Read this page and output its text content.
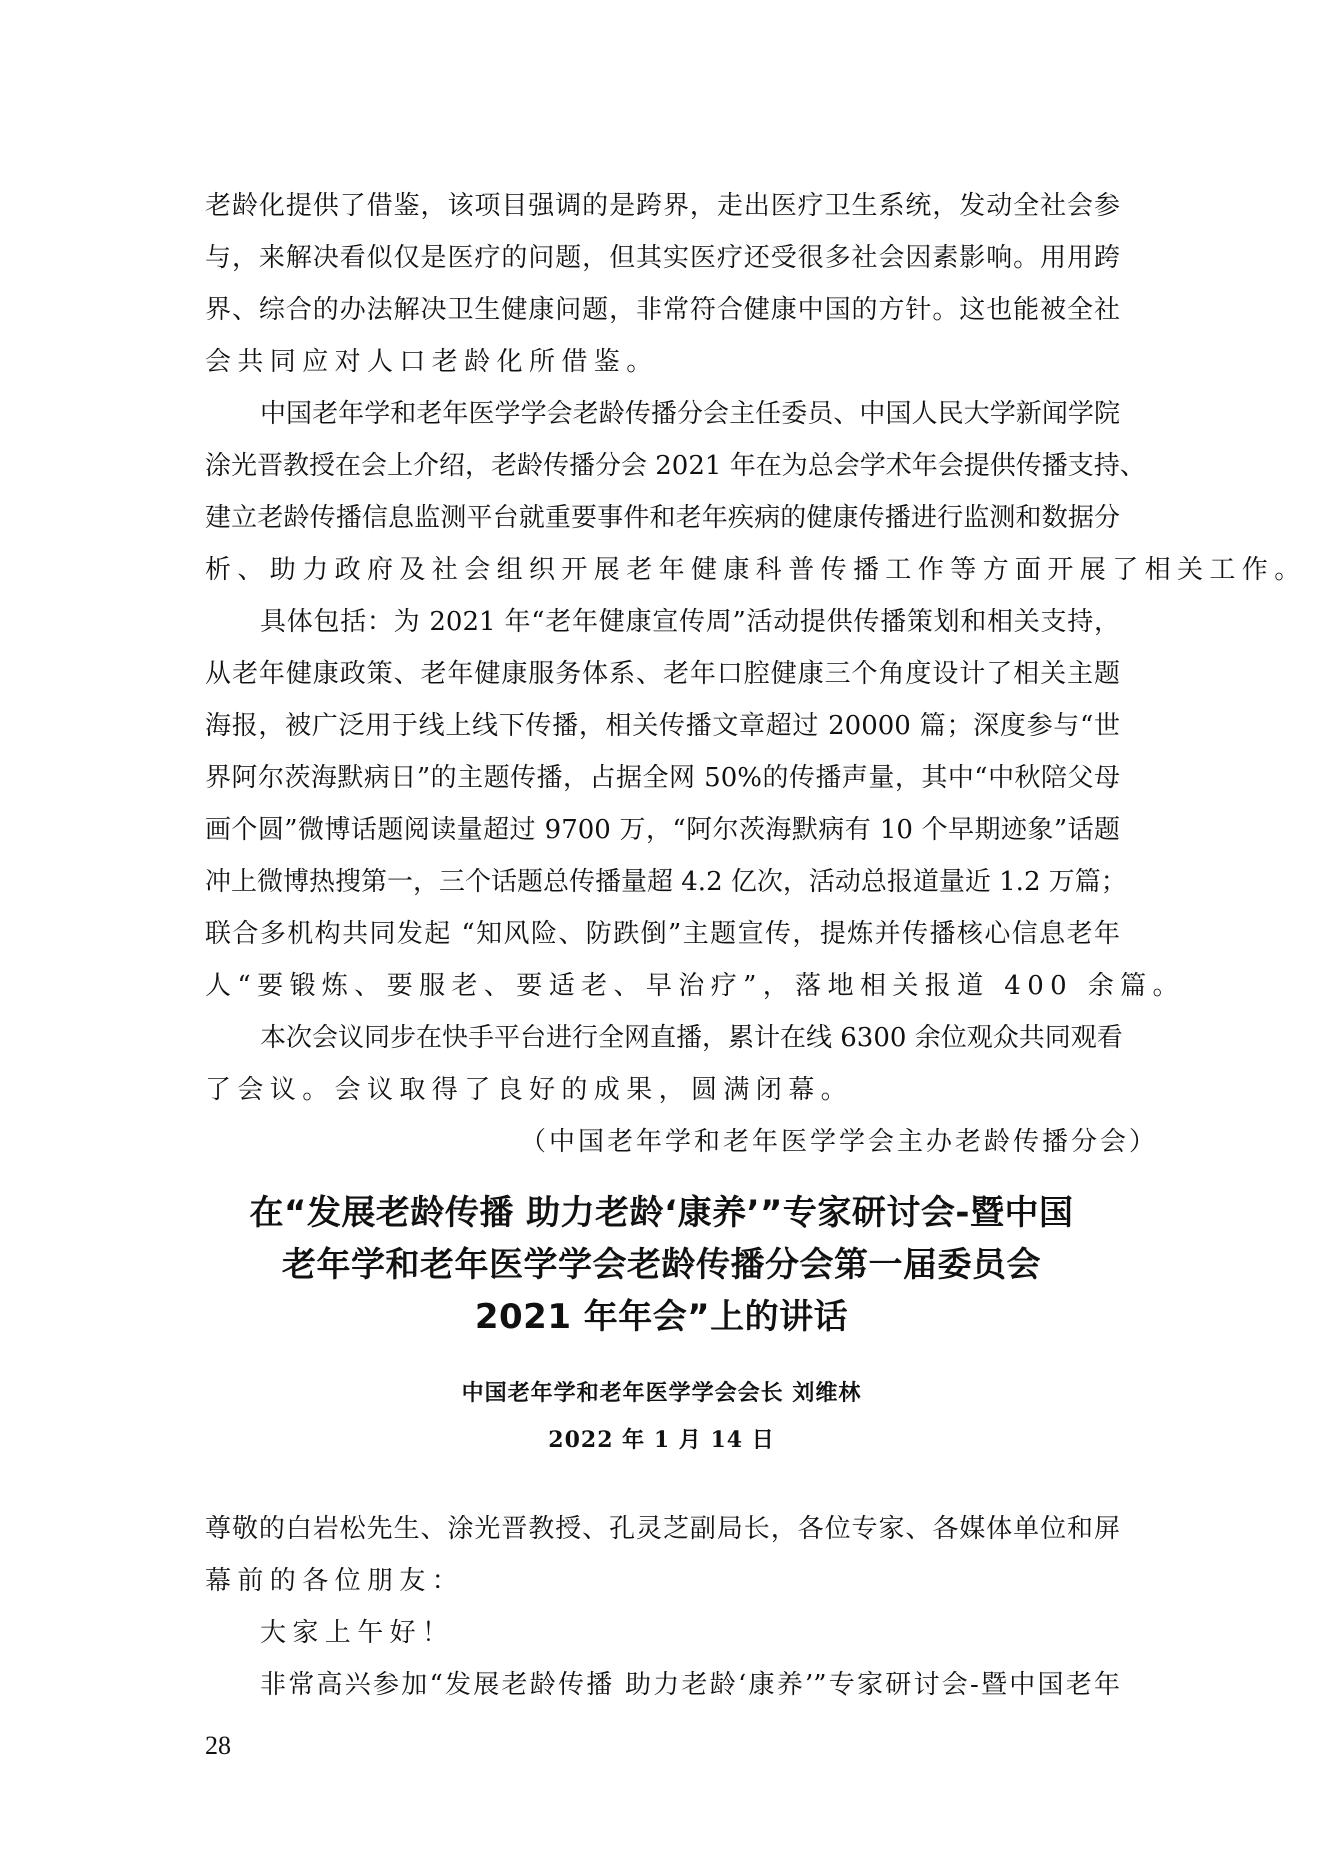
老龄化提供了借鉴，该项目强调的是跨界，走出医疗卫生系统，发动全社会参
与，来解决看似仅是医疗的问题，但其实医疗还受很多社会因素影响。用用跨
界、综合的办法解决卫生健康问题，非常符合健康中国的方针。这也能被全社
会共同应对人口老龄化所借鉴。
中国老年学和老年医学学会老龄传播分会主任委员、中国人民大学新闻学院
涂光晋教授在会上介绍，老龄传播分会 2021 年在为总会学术年会提供传播支持、
建立老龄传播信息监测平台就重要事件和老年疾病的健康传播进行监测和数据分
析、助力政府及社会组织开展老年健康科普传播工作等方面开展了相关工作。
具体包括：为 2021 年“老年健康宣传周”活动提供传播策划和相关支持，
从老年健康政策、老年健康服务体系、老年口腔健康三个角度设计了相关主题
海报，被广泛用于线上线下传播，相关传播文章超过 20000 篇；深度参与“世
界阿尔茨海默病日”的主题传播，占据全网 50%的传播声量，其中“中秋陪父母
画个圆”微博话题阅读量超过 9700 万，“阿尔茨海默病有 10 个早期迹象”话题
冲上微博热搜第一，三个话题总传播量超 4.2 亿次，活动总报道量近 1.2 万篇；
联合多机构共同发起 “知风险、防跌倒”主题宣传，提炼并传播核心信息老年
人“要锻炼、要服老、要适老、早治疗”，落地相关报道 400 余篇。
本次会议同步在快手平台进行全网直播，累计在线 6300 余位观众共同观看
了会议。会议取得了良好的成果，圆满闭幕。
（中国老年学和老年医学学会主办老龄传播分会）
在“发展老龄传播 助力老龄‘康养’”专家研讨会-暨中国
老年学和老年医学学会老龄传播分会第一届委员会
2021 年年会”上的讲话
中国老年学和老年医学学会会长 刘维林
2022 年 1 月 14 日
尊敬的白岩松先生、涂光晋教授、孔灵芝副局长，各位专家、各媒体单位和屏
幕前的各位朋友：
大家上午好！
非常高兴参加“发展老龄传播 助力老龄‘康养’”专家研讨会-暨中国老年
28
